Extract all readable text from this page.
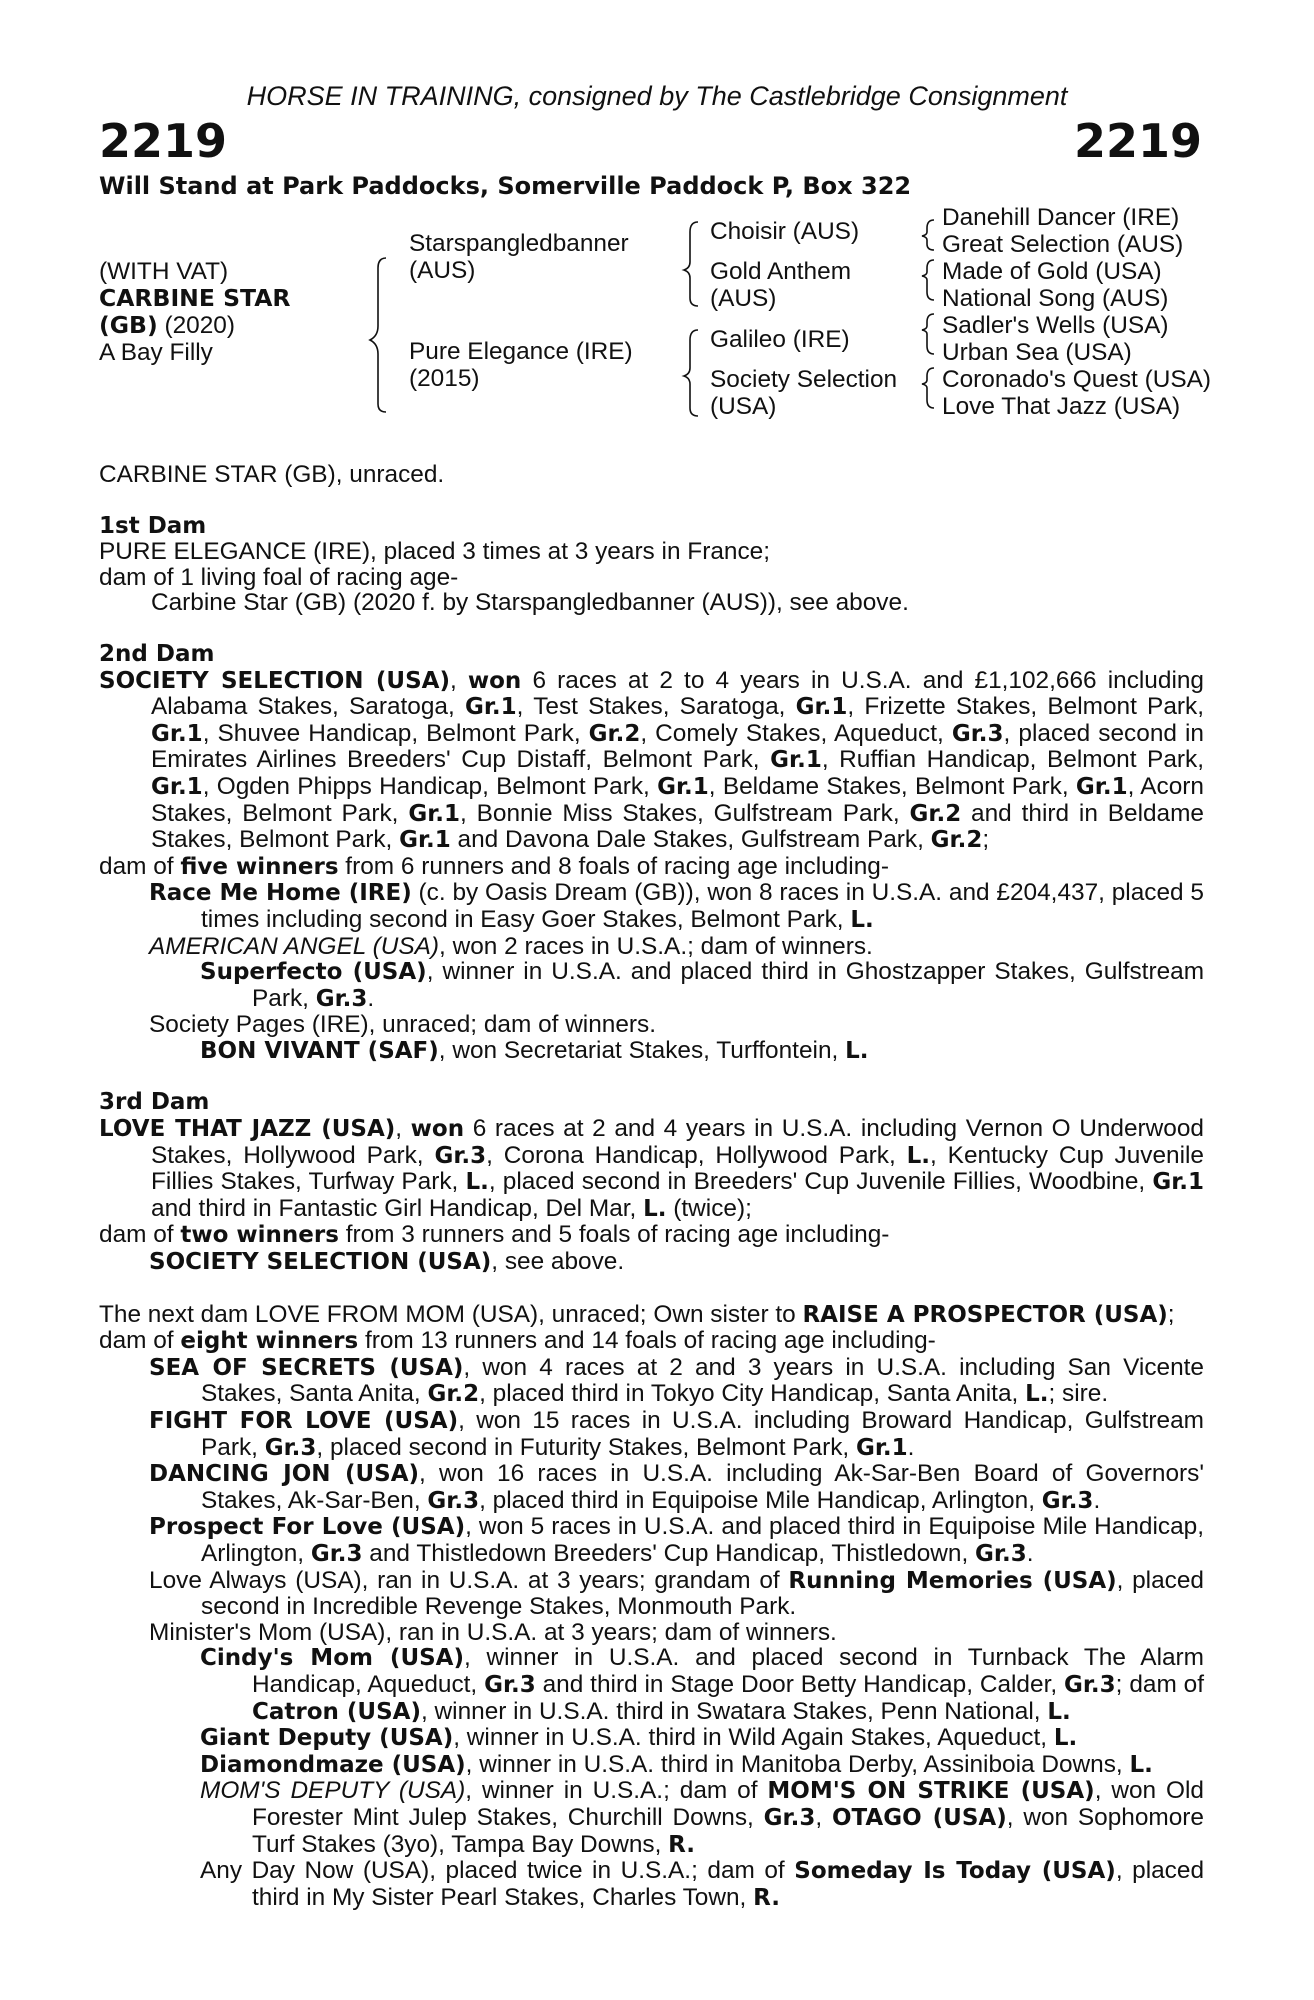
HORSE IN TRAINING, consigned by The Castlebridge Consignment
2219	2219
Will Stand at Park Paddocks, Somerville Paddock P, Box 322
(WITH VAT)
CARBINE STAR
(GB) (2020)
A Bay Filly
Starspangledbanner
(AUS)
Pure Elegance (IRE)
(2015)
Choisir (AUS)
Gold Anthem
(AUS)
Galileo (IRE)
Society Selection
(USA)
Danehill Dancer (IRE)
Great Selection (AUS)
Made of Gold (USA)
National Song (AUS)
Sadler's Wells (USA)
Urban Sea (USA)
Coronado's Quest (USA)
Love That Jazz (USA)
CARBINE STAR (GB), unraced.
1st Dam
PURE ELEGANCE (IRE), placed 3 times at 3 years in France;
dam of 1 living foal of racing age-
Carbine Star (GB) (2020 f. by Starspangledbanner (AUS)), see above.
2nd Dam
SOCIETY SELECTION (USA), won 6 races at 2 to 4 years in U.S.A. and £1,102,666 including Alabama Stakes, Saratoga, Gr.1, Test Stakes, Saratoga, Gr.1, Frizette Stakes, Belmont Park, Gr.1, Shuvee Handicap, Belmont Park, Gr.2, Comely Stakes, Aqueduct, Gr.3, placed second in Emirates Airlines Breeders' Cup Distaff, Belmont Park, Gr.1, Ruffian Handicap, Belmont Park, Gr.1, Ogden Phipps Handicap, Belmont Park, Gr.1, Beldame Stakes, Belmont Park, Gr.1, Acorn Stakes, Belmont Park, Gr.1, Bonnie Miss Stakes, Gulfstream Park, Gr.2 and third in Beldame Stakes, Belmont Park, Gr.1 and Davona Dale Stakes, Gulfstream Park, Gr.2;
dam of five winners from 6 runners and 8 foals of racing age including-
Race Me Home (IRE) (c. by Oasis Dream (GB)), won 8 races in U.S.A. and £204,437, placed 5 times including second in Easy Goer Stakes, Belmont Park, L.
AMERICAN ANGEL (USA), won 2 races in U.S.A.; dam of winners.
Superfecto (USA), winner in U.S.A. and placed third in Ghostzapper Stakes, Gulfstream Park, Gr.3.
Society Pages (IRE), unraced; dam of winners.
BON VIVANT (SAF), won Secretariat Stakes, Turffontein, L.
3rd Dam
LOVE THAT JAZZ (USA), won 6 races at 2 and 4 years in U.S.A. including Vernon O Underwood Stakes, Hollywood Park, Gr.3, Corona Handicap, Hollywood Park, L., Kentucky Cup Juvenile Fillies Stakes, Turfway Park, L., placed second in Breeders' Cup Juvenile Fillies, Woodbine, Gr.1 and third in Fantastic Girl Handicap, Del Mar, L. (twice);
dam of two winners from 3 runners and 5 foals of racing age including-
SOCIETY SELECTION (USA), see above.
The next dam LOVE FROM MOM (USA), unraced; Own sister to RAISE A PROSPECTOR (USA);
dam of eight winners from 13 runners and 14 foals of racing age including-
SEA OF SECRETS (USA), won 4 races at 2 and 3 years in U.S.A. including San Vicente Stakes, Santa Anita, Gr.2, placed third in Tokyo City Handicap, Santa Anita, L.; sire.
FIGHT FOR LOVE (USA), won 15 races in U.S.A. including Broward Handicap, Gulfstream Park, Gr.3, placed second in Futurity Stakes, Belmont Park, Gr.1.
DANCING JON (USA), won 16 races in U.S.A. including Ak-Sar-Ben Board of Governors' Stakes, Ak-Sar-Ben, Gr.3, placed third in Equipoise Mile Handicap, Arlington, Gr.3.
Prospect For Love (USA), won 5 races in U.S.A. and placed third in Equipoise Mile Handicap, Arlington, Gr.3 and Thistledown Breeders' Cup Handicap, Thistledown, Gr.3.
Love Always (USA), ran in U.S.A. at 3 years; grandam of Running Memories (USA), placed second in Incredible Revenge Stakes, Monmouth Park.
Minister's Mom (USA), ran in U.S.A. at 3 years; dam of winners.
Cindy's Mom (USA), winner in U.S.A. and placed second in Turnback The Alarm Handicap, Aqueduct, Gr.3 and third in Stage Door Betty Handicap, Calder, Gr.3; dam of Catron (USA), winner in U.S.A. third in Swatara Stakes, Penn National, L.
Giant Deputy (USA), winner in U.S.A. third in Wild Again Stakes, Aqueduct, L.
Diamondmaze (USA), winner in U.S.A. third in Manitoba Derby, Assiniboia Downs, L.
MOM'S DEPUTY (USA), winner in U.S.A.; dam of MOM'S ON STRIKE (USA), won Old Forester Mint Julep Stakes, Churchill Downs, Gr.3, OTAGO (USA), won Sophomore Turf Stakes (3yo), Tampa Bay Downs, R.
Any Day Now (USA), placed twice in U.S.A.; dam of Someday Is Today (USA), placed third in My Sister Pearl Stakes, Charles Town, R.
